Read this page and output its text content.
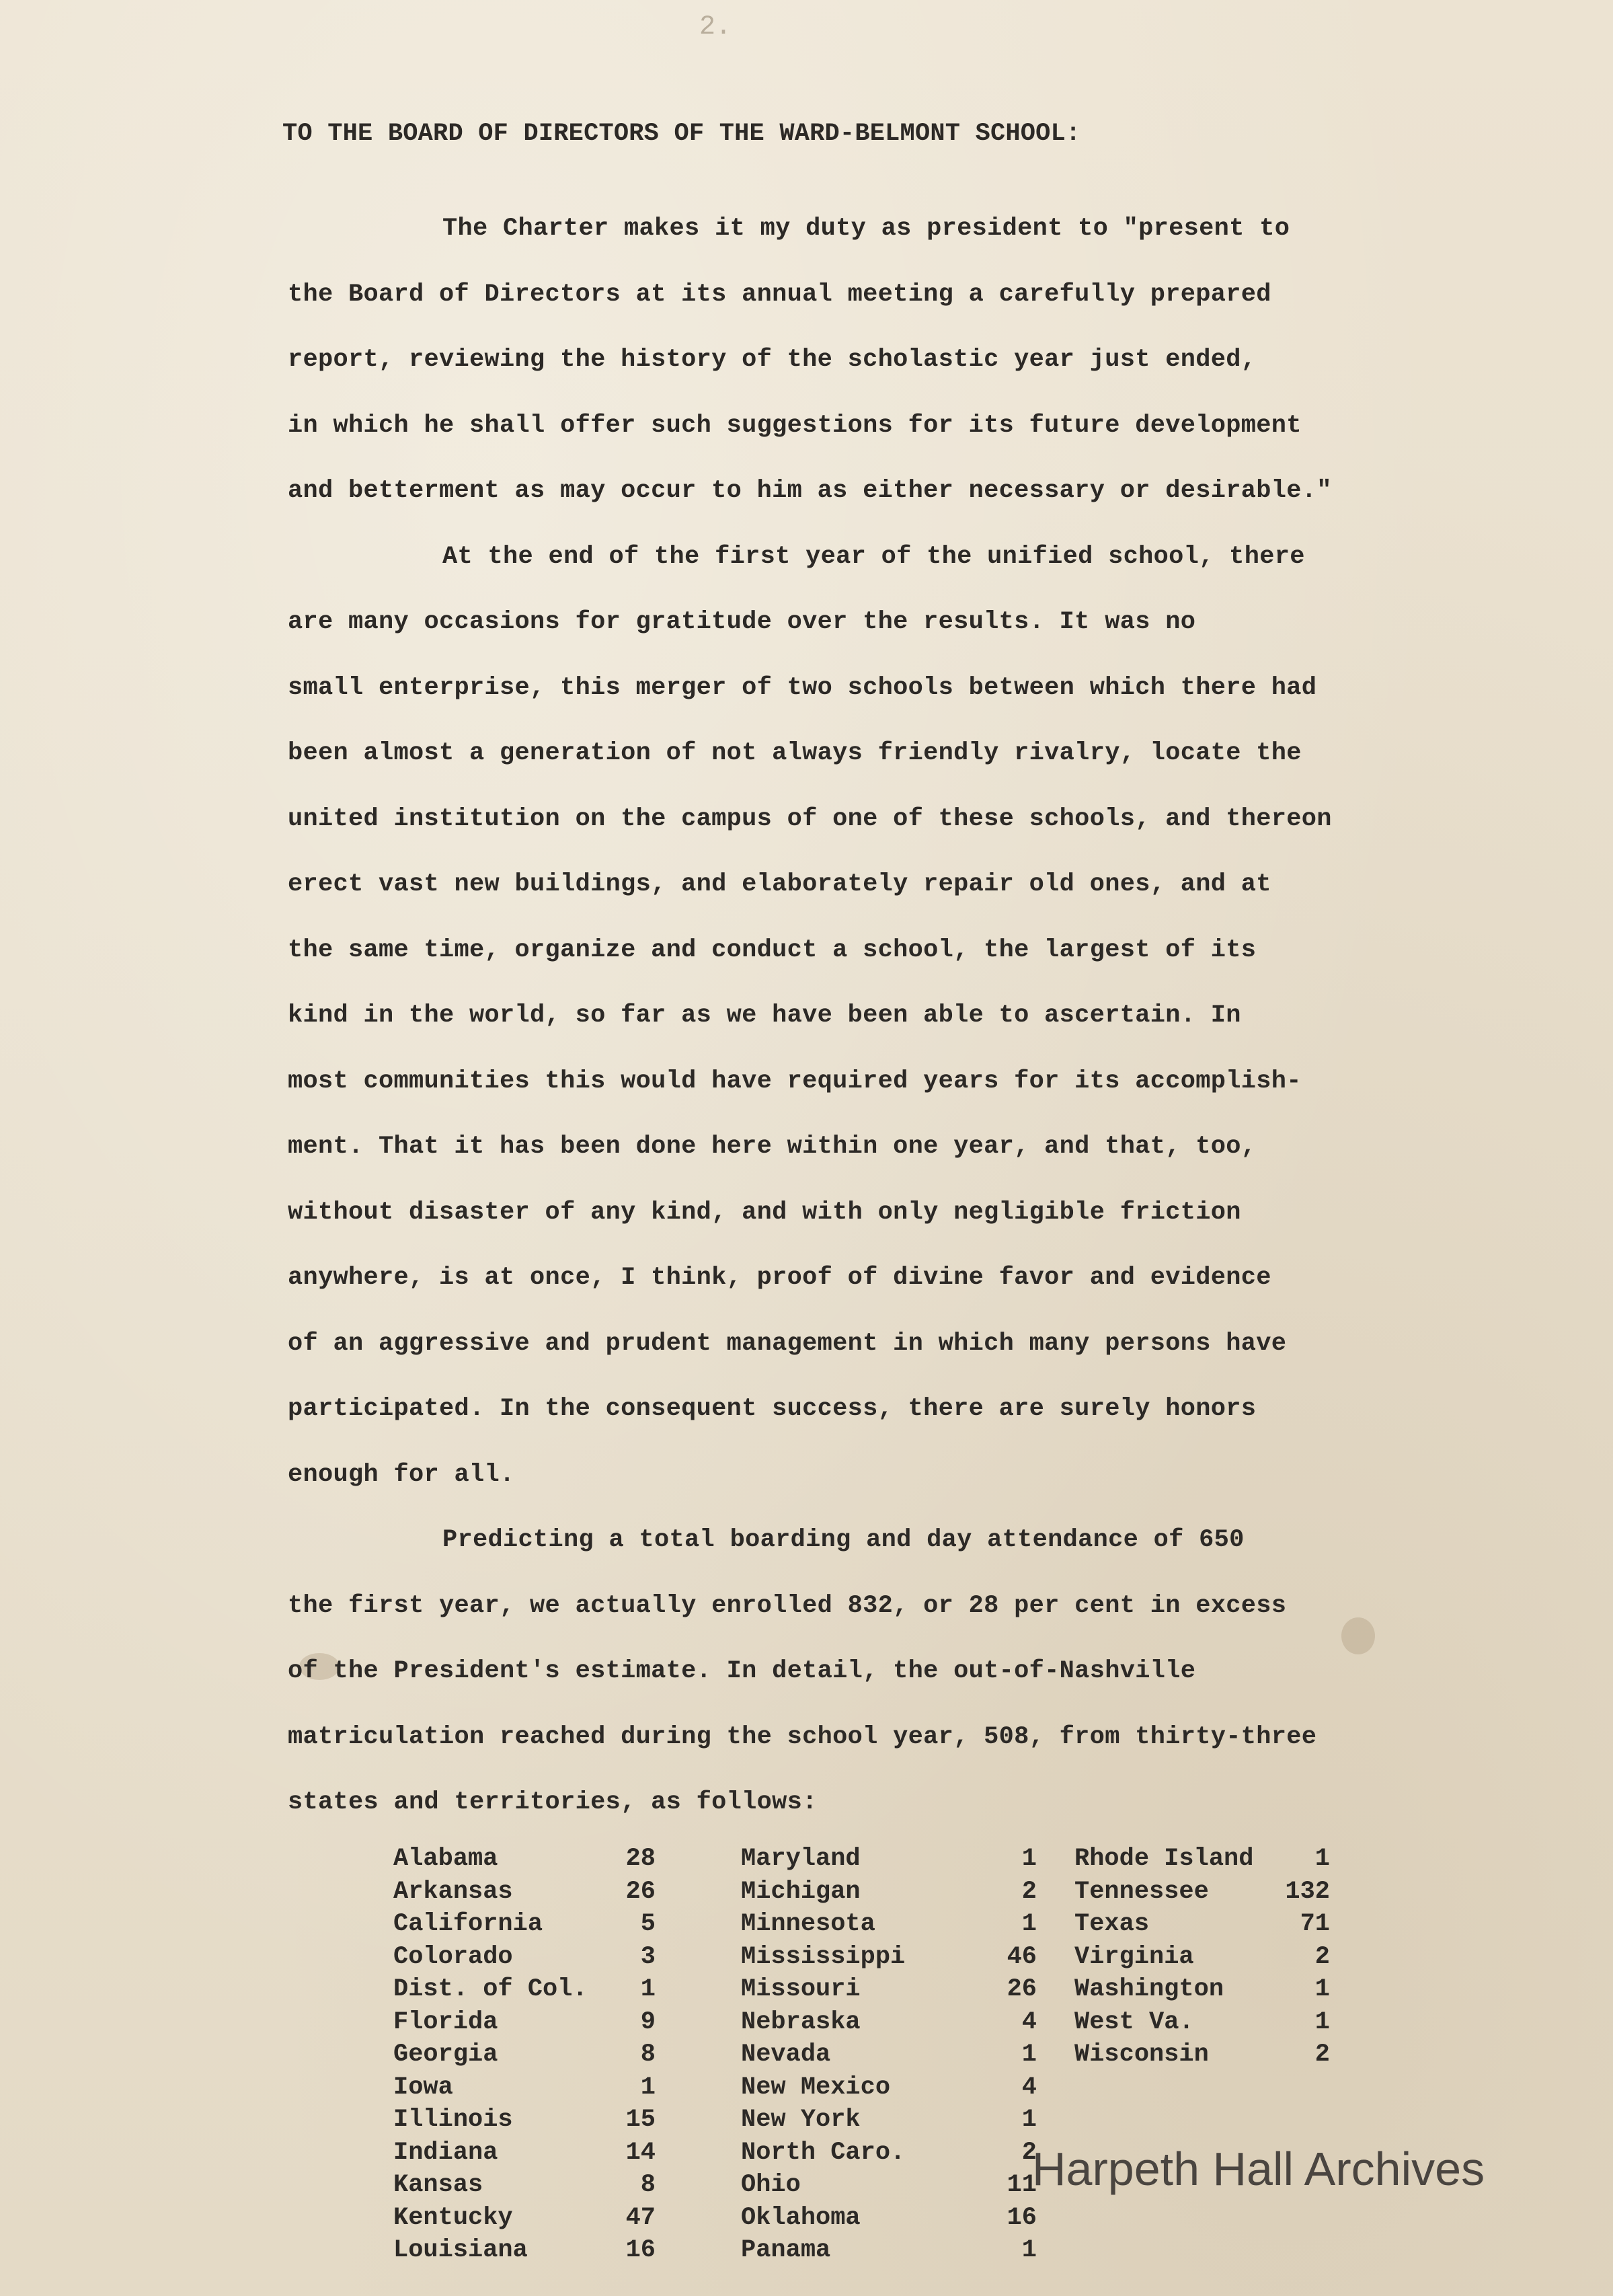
2.
TO THE BOARD OF DIRECTORS OF THE WARD-BELMONT SCHOOL:
The Charter makes it my duty as president to "present to
the Board of Directors at its annual meeting a carefully prepared
report, reviewing the history of the scholastic year just ended,
in which he shall offer such suggestions for its future development
and betterment as may occur to him as either necessary or desirable."
At the end of the first year of the unified school, there
are many occasions for gratitude over the results. It was no
small enterprise, this merger of two schools between which there had
been almost a generation of not always friendly rivalry, locate the
united institution on the campus of one of these schools, and thereon
erect vast new buildings, and elaborately repair old ones, and at
the same time, organize and conduct a school, the largest of its
kind in the world, so far as we have been able to ascertain. In
most communities this would have required years for its accomplish-
ment. That it has been done here within one year, and that, too,
without disaster of any kind, and with only negligible friction
anywhere, is at once, I think, proof of divine favor and evidence
of an aggressive and prudent management in which many persons have
participated. In the consequent success, there are surely honors
enough for all.
Predicting a total boarding and day attendance of 650
the first year, we actually enrolled 832, or 28 per cent in excess
of the President's estimate. In detail, the out-of-Nashville
matriculation reached during the school year, 508, from thirty-three
states and territories, as follows:
Alabama	28
Arkansas	26
California	5
Colorado	3
Dist. of Col.	1
Florida	9
Georgia	8
Iowa	1
Illinois	15
Indiana	14
Kansas	8
Kentucky	47
Louisiana	16
Maryland	1
Michigan	2
Minnesota	1
Mississippi	46
Missouri	26
Nebraska	4
Nevada	1
New Mexico	4
New York	1
North Caro.	2
Ohio	11
Oklahoma	16
Panama	1
Rhode Island	1
Tennessee	132
Texas	71
Virginia	2
Washington	1
West Va.	1
Wisconsin	2
Harpeth Hall Archives
